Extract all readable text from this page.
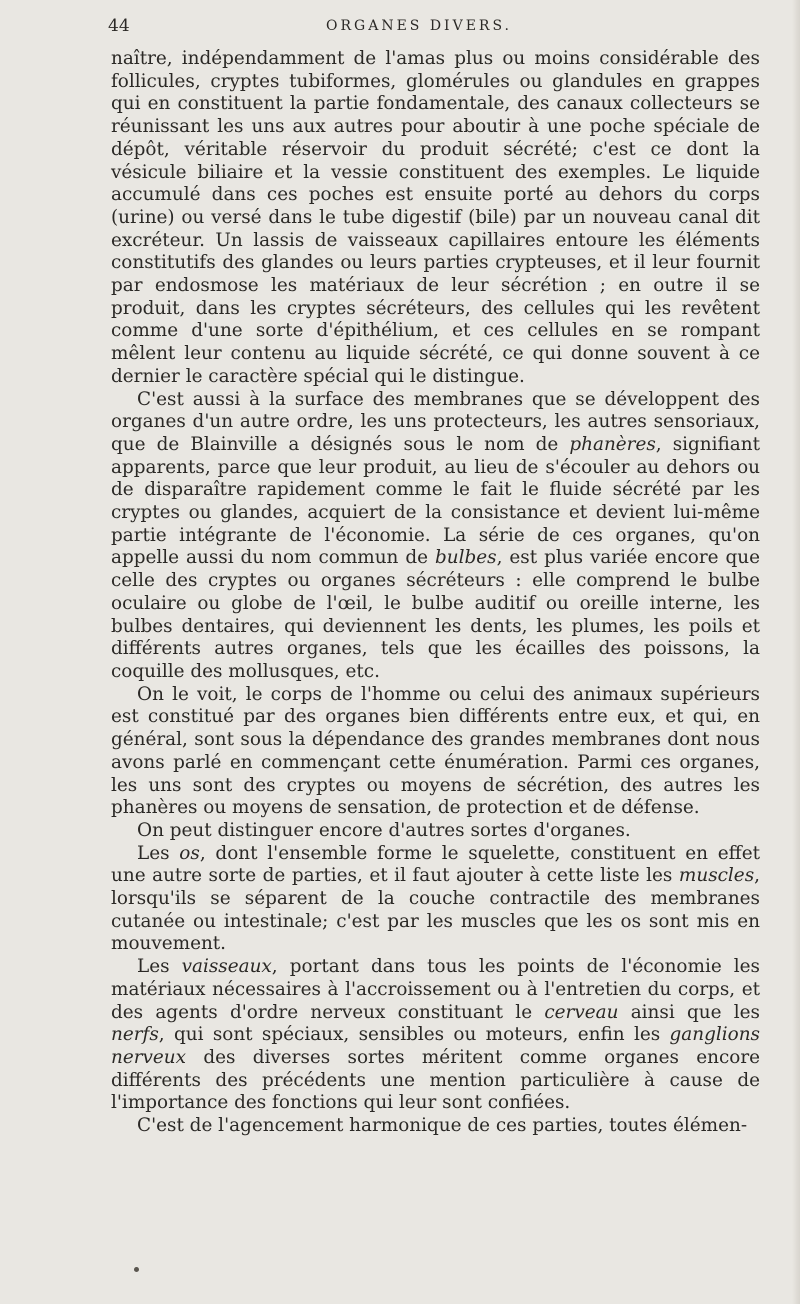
44	ORGANES DIVERS.

naître, indépendamment de l'amas plus ou moins considérable des follicules, cryptes tubiformes, glomérules ou glandules en grappes qui en constituent la partie fondamentale, des canaux collecteurs se réunissant les uns aux autres pour aboutir à une poche spéciale de dépôt, véritable réservoir du produit sécrété; c'est ce dont la vésicule biliaire et la vessie constituent des exemples. Le liquide accumulé dans ces poches est ensuite porté au dehors du corps (urine) ou versé dans le tube digestif (bile) par un nouveau canal dit excréteur. Un lassis de vaisseaux capillaires entoure les éléments constitutifs des glandes ou leurs parties crypteuses, et il leur fournit par endosmose les matériaux de leur sécrétion ; en outre il se produit, dans les cryptes sécréteurs, des cellules qui les revêtent comme d'une sorte d'épithélium, et ces cellules en se rompant mêlent leur contenu au liquide sécrété, ce qui donne souvent à ce dernier le caractère spécial qui le distingue.

C'est aussi à la surface des membranes que se développent des organes d'un autre ordre, les uns protecteurs, les autres sensoriaux, que de Blainville a désignés sous le nom de phanères, signifiant apparents, parce que leur produit, au lieu de s'écouler au dehors ou de disparaître rapidement comme le fait le fluide sécrété par les cryptes ou glandes, acquiert de la consistance et devient lui-même partie intégrante de l'économie. La série de ces organes, qu'on appelle aussi du nom commun de bulbes, est plus variée encore que celle des cryptes ou organes sécréteurs : elle comprend le bulbe oculaire ou globe de l'œil, le bulbe auditif ou oreille interne, les bulbes dentaires, qui deviennent les dents, les plumes, les poils et différents autres organes, tels que les écailles des poissons, la coquille des mollusques, etc.

On le voit, le corps de l'homme ou celui des animaux supérieurs est constitué par des organes bien différents entre eux, et qui, en général, sont sous la dépendance des grandes membranes dont nous avons parlé en commençant cette énumération. Parmi ces organes, les uns sont des cryptes ou moyens de sécrétion, des autres les phanères ou moyens de sensation, de protection et de défense.

On peut distinguer encore d'autres sortes d'organes.

Les os, dont l'ensemble forme le squelette, constituent en effet une autre sorte de parties, et il faut ajouter à cette liste les muscles, lorsqu'ils se séparent de la couche contractile des membranes cutanée ou intestinale; c'est par les muscles que les os sont mis en mouvement.

Les vaisseaux, portant dans tous les points de l'économie les matériaux nécessaires à l'accroissement ou à l'entretien du corps, et des agents d'ordre nerveux constituant le cerveau ainsi que les nerfs, qui sont spéciaux, sensibles ou moteurs, enfin les ganglions nerveux des diverses sortes méritent comme organes encore différents des précédents une mention particulière à cause de l'importance des fonctions qui leur sont confiées.

C'est de l'agencement harmonique de ces parties, toutes élémen-
